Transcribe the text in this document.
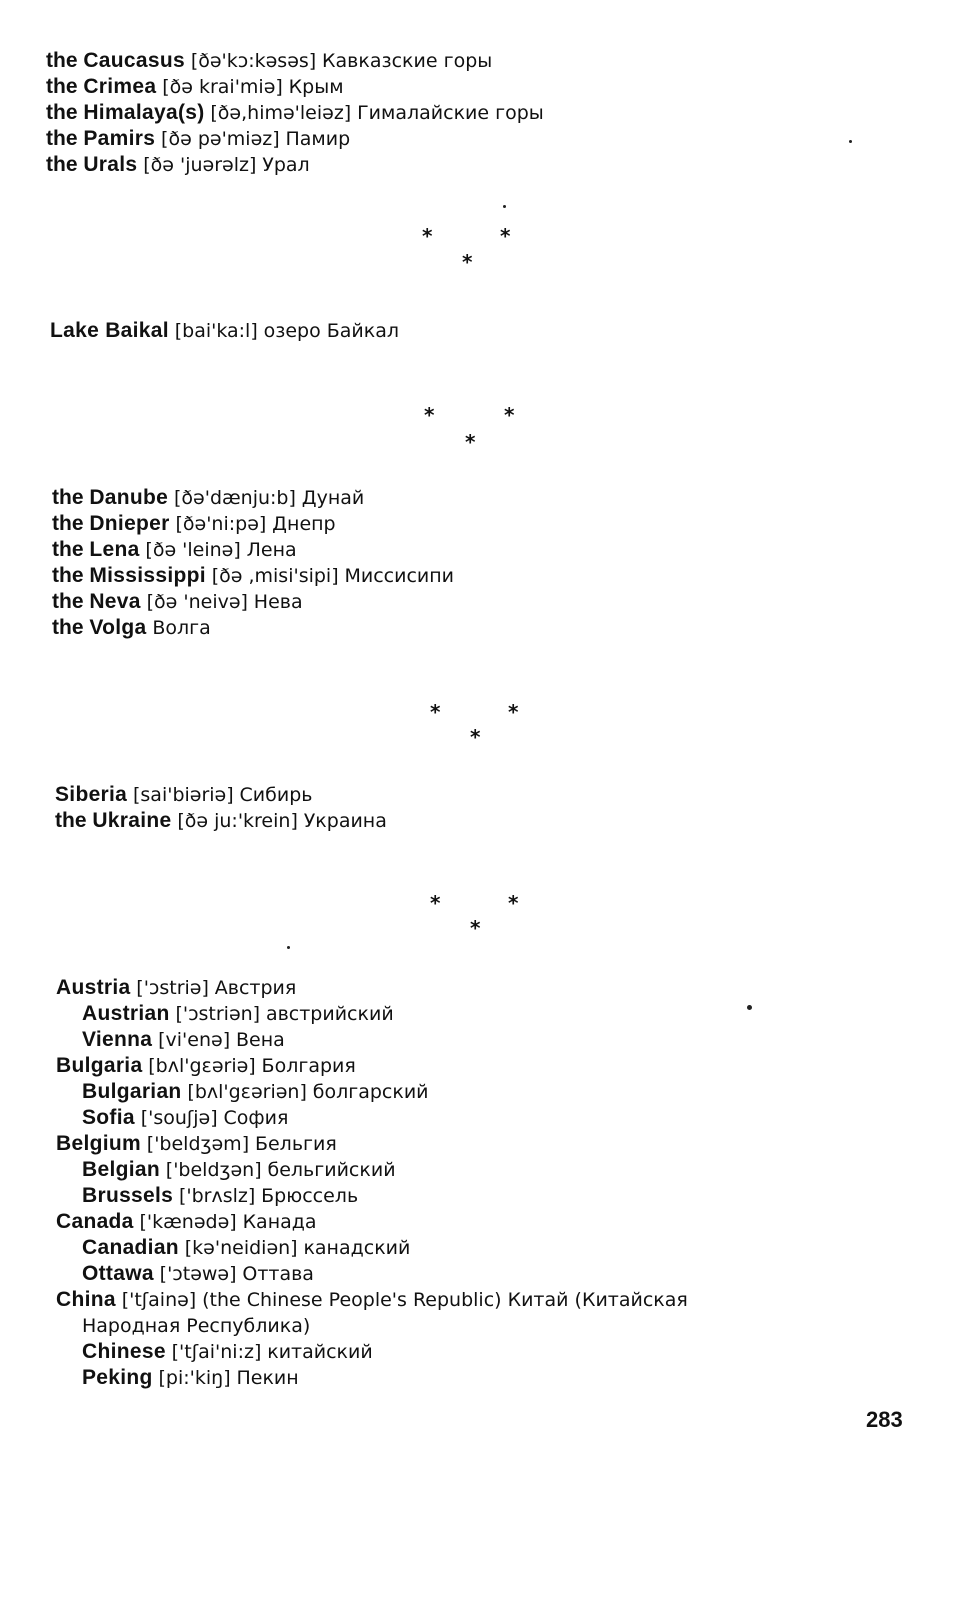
the Caucasus [ðə'kɔ:kəsəs] Кавказские горы
the Crimea [ðə krai'miə] Крым
the Himalaya(s) [ðə,himə'leiəz] Гималайские горы
the Pamirs [ðə pə'miəz] Памир
the Urals [ðə 'juərəlz] Урал
*	*
*
Lake Baikal [bai'ka:l] озеро Байкал
*	*
*
the Danube [ðə'dænju:b] Дунай
the Dnieper [ðə'ni:pə] Днепр
the Lena [ðə 'leinə] Лена
the Mississippi [ðə ,misi'sipi] Миссисипи
the Neva [ðə 'neivə] Нева
the Volga Волга
*	*
*
Siberia [sai'biəriə] Сибирь
the Ukraine [ðə ju:'krein] Украина
*	*
*
Austria ['ɔstriə] Австрия
Austrian ['ɔstriən] австрийский
Vienna [vi'enə] Вена
Bulgaria [bʌl'gɛəriə] Болгария
Bulgarian [bʌl'gɛəriən] болгарский
Sofia ['souʃjə] София
Belgium ['beldʒəm] Бельгия
Belgian ['beldʒən] бельгийский
Brussels ['brʌslz] Брюссель
Canada ['kænədə] Канада
Canadian [kə'neidiən] канадский
Ottawa ['ɔtəwə] Оттава
China ['tʃainə] (the Chinese People's Republic) Китай (Китайская
Народная Республика)
Chinese ['tʃai'ni:z] китайский
Peking [pi:'kiŋ] Пекин
283
